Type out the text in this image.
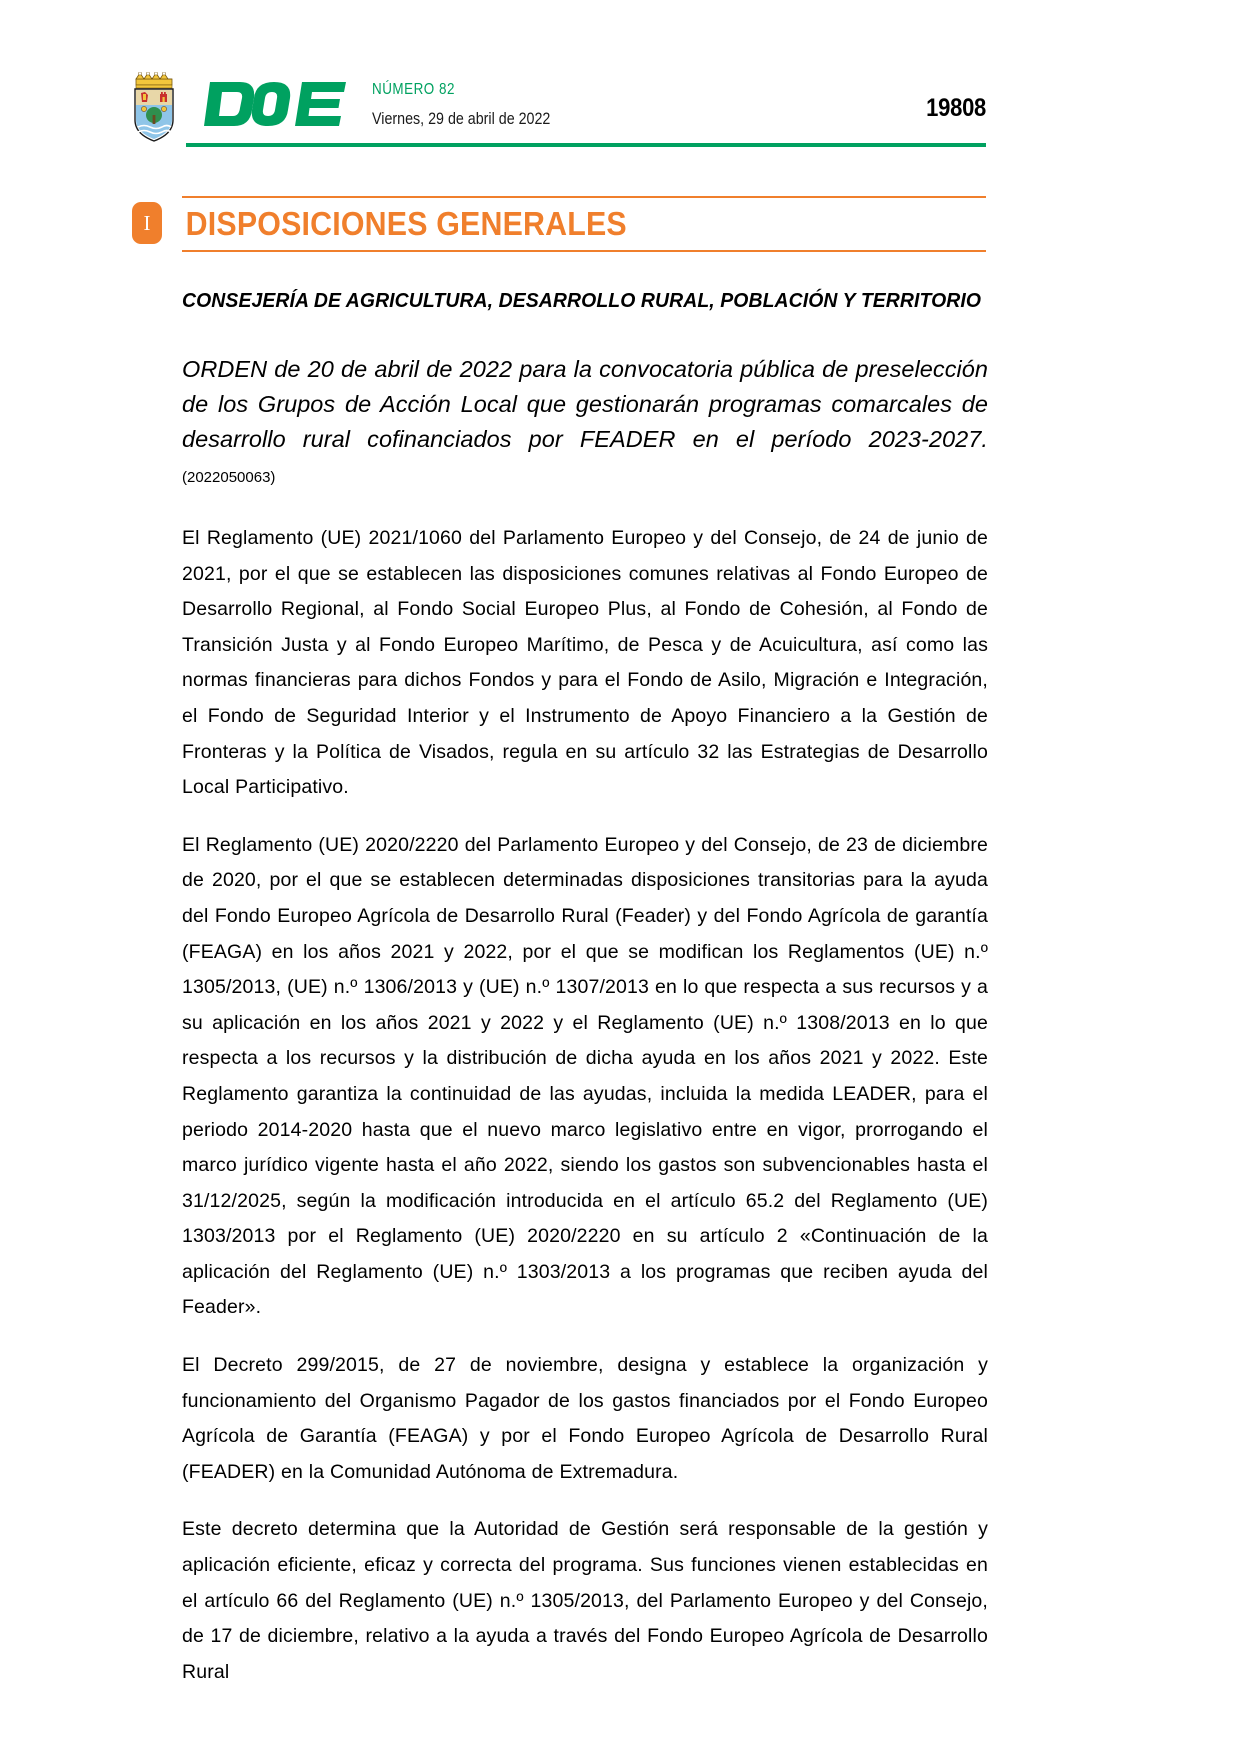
NÚMERO 82
Viernes, 29 de abril de 2022	19808
I	DISPOSICIONES GENERALES
CONSEJERÍA DE AGRICULTURA, DESARROLLO RURAL, POBLACIÓN Y TERRITORIO
ORDEN de 20 de abril de 2022 para la convocatoria pública de preselección de los Grupos de Acción Local que gestionarán programas comarcales de desarrollo rural cofinanciados por FEADER en el período 2023-2027. (2022050063)

El Reglamento (UE) 2021/1060 del Parlamento Europeo y del Consejo, de 24 de junio de 2021, por el que se establecen las disposiciones comunes relativas al Fondo Europeo de Desarrollo Regional, al Fondo Social Europeo Plus, al Fondo de Cohesión, al Fondo de Transición Justa y al Fondo Europeo Marítimo, de Pesca y de Acuicultura, así como las normas financieras para dichos Fondos y para el Fondo de Asilo, Migración e Integración, el Fondo de Seguridad Interior y el Instrumento de Apoyo Financiero a la Gestión de Fronteras y la Política de Visados, regula en su artículo 32 las Estrategias de Desarrollo Local Participativo.

El Reglamento (UE) 2020/2220 del Parlamento Europeo y del Consejo, de 23 de diciembre de 2020, por el que se establecen determinadas disposiciones transitorias para la ayuda del Fondo Europeo Agrícola de Desarrollo Rural (Feader) y del Fondo Agrícola de garantía (FEAGA) en los años 2021 y 2022, por el que se modifican los Reglamentos (UE) n.º 1305/2013, (UE) n.º 1306/2013 y (UE) n.º 1307/2013 en lo que respecta a sus recursos y a su aplicación en los años 2021 y 2022 y el Reglamento (UE) n.º 1308/2013 en lo que respecta a los recursos y la distribución de dicha ayuda en los años 2021 y 2022. Este Reglamento garantiza la continuidad de las ayudas, incluida la medida LEADER, para el periodo 2014-2020 hasta que el nuevo marco legislativo entre en vigor, prorrogando el marco jurídico vigente hasta el año 2022, siendo los gastos son subvencionables hasta el 31/12/2025, según la modificación introducida en el artículo 65.2 del Reglamento (UE) 1303/2013 por el Reglamento (UE) 2020/2220 en su artículo 2 «Continuación de la aplicación del Reglamento (UE) n.º 1303/2013 a los programas que reciben ayuda del Feader».

El Decreto 299/2015, de 27 de noviembre, designa y establece la organización y funcionamiento del Organismo Pagador de los gastos financiados por el Fondo Europeo Agrícola de Garantía (FEAGA) y por el Fondo Europeo Agrícola de Desarrollo Rural (FEADER) en la Comunidad Autónoma de Extremadura.

Este decreto determina que la Autoridad de Gestión será responsable de la gestión y aplicación eficiente, eficaz y correcta del programa. Sus funciones vienen establecidas en el artículo 66 del Reglamento (UE) n.º 1305/2013, del Parlamento Europeo y del Consejo, de 17 de diciembre, relativo a la ayuda a través del Fondo Europeo Agrícola de Desarrollo Rural
